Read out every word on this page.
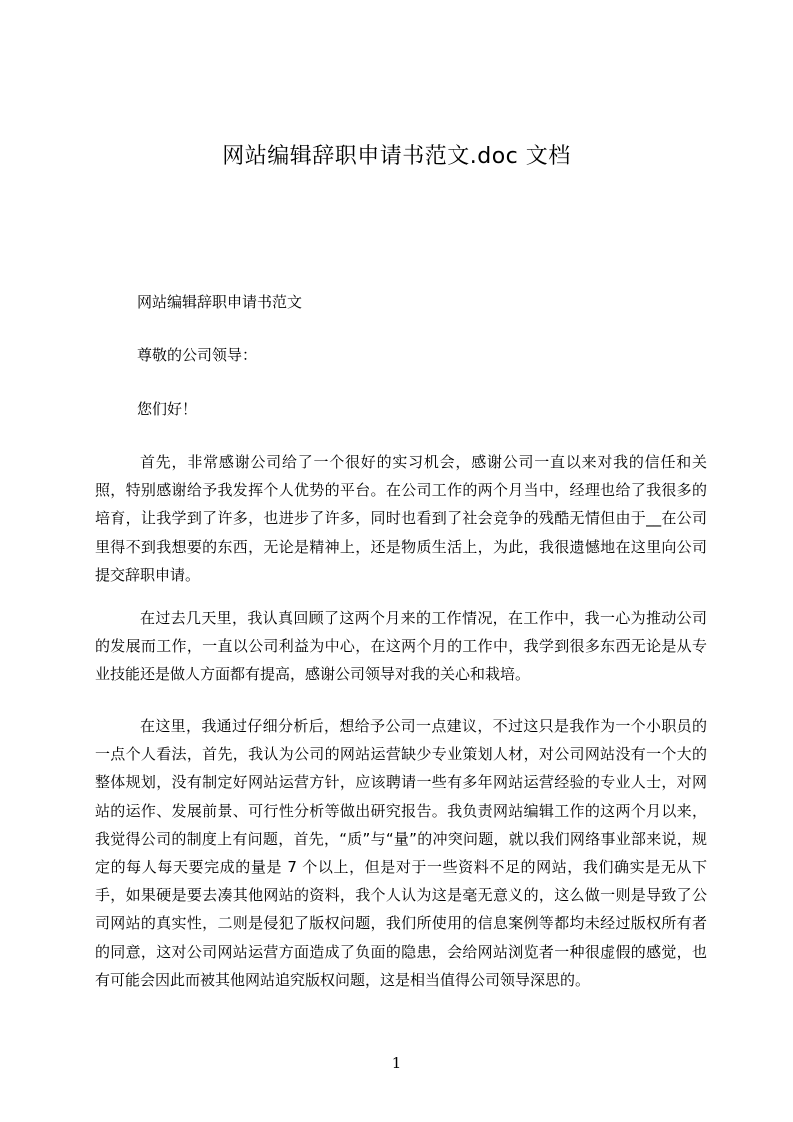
网站编辑辞职申请书范文.doc 文档
网站编辑辞职申请书范文
尊敬的公司领导：
您们好！

首先，非常感谢公司给了一个很好的实习机会，感谢公司一直以来对我的信任和关照，特别感谢给予我发挥个人优势的平台。在公司工作的两个月当中，经理也给了我很多的培育，让我学到了许多，也进步了许多，同时也看到了社会竞争的残酷无情但由于__在公司里得不到我想要的东西，无论是精神上，还是物质生活上，为此，我很遗憾地在这里向公司提交辞职申请。

在过去几天里，我认真回顾了这两个月来的工作情况，在工作中，我一心为推动公司的发展而工作，一直以公司利益为中心，在这两个月的工作中，我学到很多东西无论是从专业技能还是做人方面都有提高，感谢公司领导对我的关心和栽培。

在这里，我通过仔细分析后，想给予公司一点建议，不过这只是我作为一个小职员的一点个人看法，首先，我认为公司的网站运营缺少专业策划人材，对公司网站没有一个大的整体规划，没有制定好网站运营方针，应该聘请一些有多年网站运营经验的专业人士，对网站的运作、发展前景、可行性分析等做出研究报告。我负责网站编辑工作的这两个月以来，我觉得公司的制度上有问题，首先，“质”与“量”的冲突问题，就以我们网络事业部来说，规定的每人每天要完成的量是 7 个以上，但是对于一些资料不足的网站，我们确实是无从下手，如果硬是要去凑其他网站的资料，我个人认为这是毫无意义的，这么做一则是导致了公司网站的真实性，二则是侵犯了版权问题，我们所使用的信息案例等都均未经过版权所有者的同意，这对公司网站运营方面造成了负面的隐患，会给网站浏览者一种很虚假的感觉，也有可能会因此而被其他网站追究版权问题，这是相当值得公司领导深思的。

1
